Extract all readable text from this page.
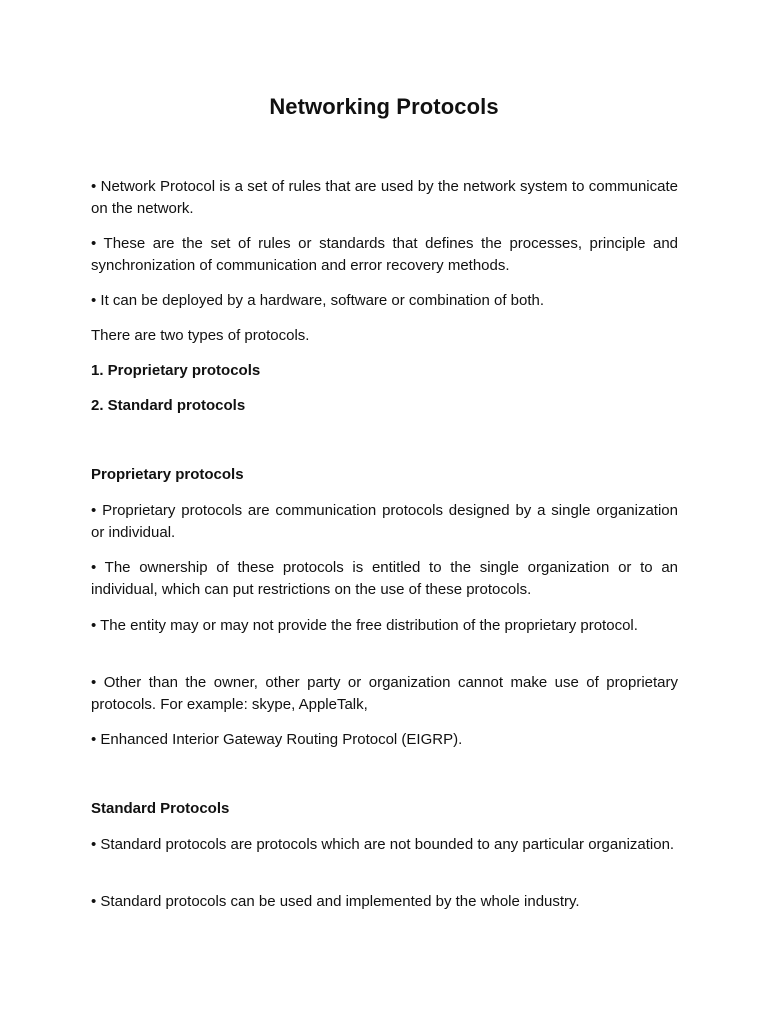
Networking Protocols

• Network Protocol is a set of rules that are used by the network system to communicate on the network.

• These are the set of rules or standards that defines the processes, principle and synchronization of communication and error recovery methods.

• It can be deployed by a hardware, software or combination of both.

There are two types of protocols.

1. Proprietary protocols

2. Standard protocols

Proprietary protocols

• Proprietary protocols are communication protocols designed by a single organization or individual.

• The ownership of these protocols is entitled to the single organization or to an individual, which can put restrictions on the use of these protocols.

• The entity may or may not provide the free distribution of the proprietary protocol.

• Other than the owner, other party or organization cannot make use of proprietary protocols. For example: skype, AppleTalk,

• Enhanced Interior Gateway Routing Protocol (EIGRP).

Standard Protocols

• Standard protocols are protocols which are not bounded to any particular organization.

• Standard protocols can be used and implemented by the whole industry.
